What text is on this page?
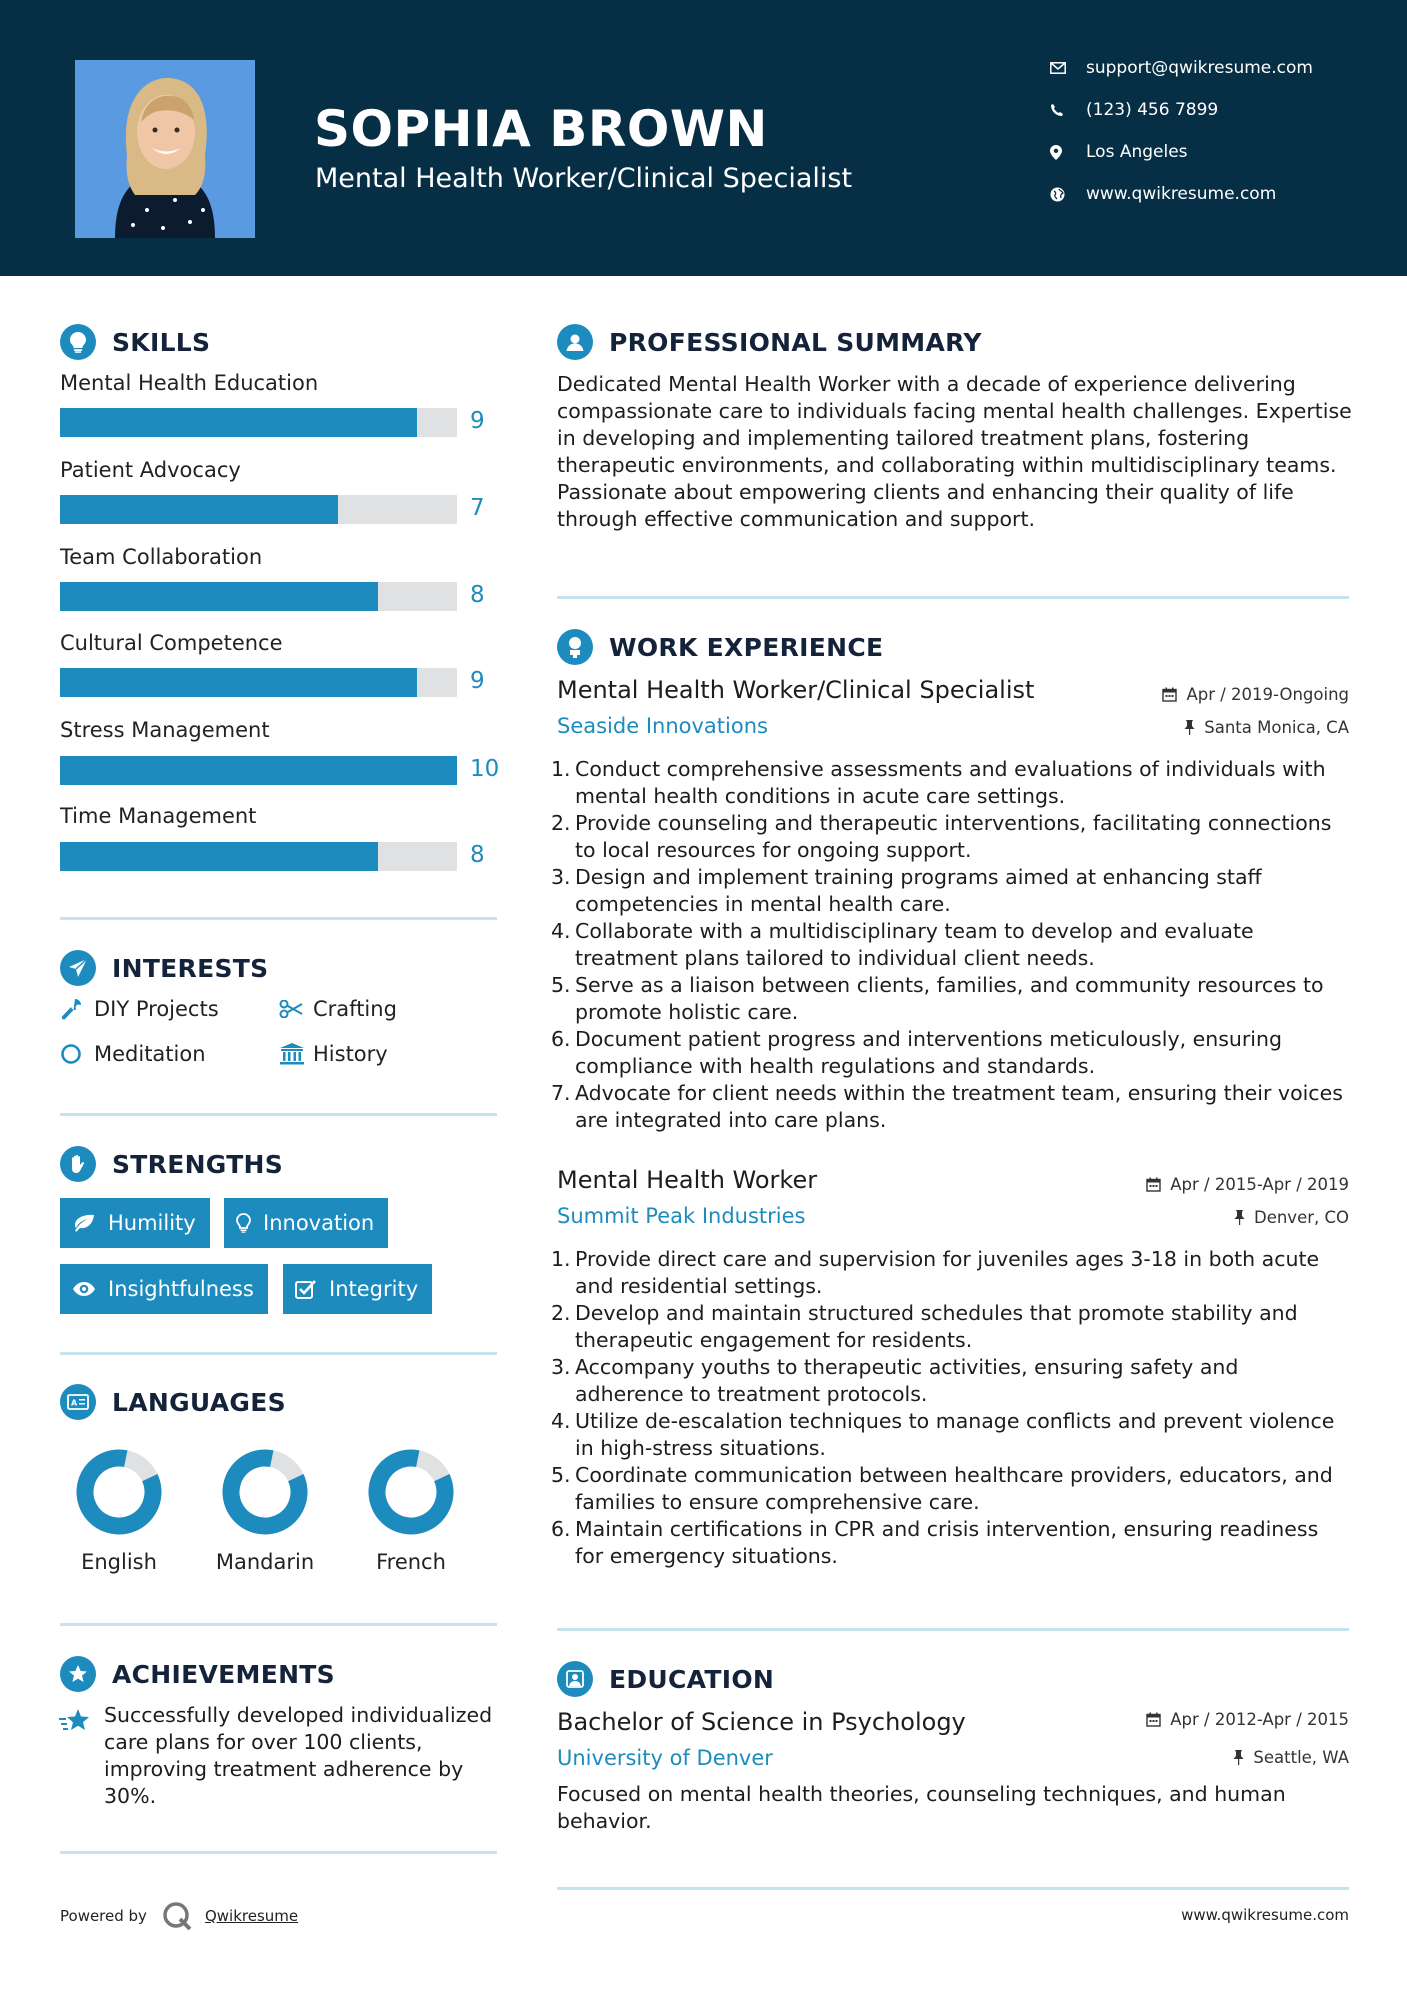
SOPHIA BROWN
Mental Health Worker/Clinical Specialist
support@qwikresume.com
(123) 456 7899
Los Angeles
www.qwikresume.com
SKILLS
Mental Health Education
9
Patient Advocacy
7
Team Collaboration
8
Cultural Competence
9
Stress Management
10
Time Management
8
INTERESTS
DIY Projects	Crafting
Meditation	History
STRENGTHS
Humility	Innovation
Insightfulness	Integrity
A LANGUAGES
English	Mandarin	French
ACHIEVEMENTS
Successfully developed individualized care plans for over 100 clients, improving treatment adherence by 30%.
Powered by	Qwikresume
PROFESSIONAL SUMMARY
Dedicated Mental Health Worker with a decade of experience delivering compassionate care to individuals facing mental health challenges. Expertise in developing and implementing tailored treatment plans, fostering therapeutic environments, and collaborating within multidisciplinary teams. Passionate about empowering clients and enhancing their quality of life through effective communication and support.
WORK EXPERIENCE
Mental Health Worker/Clinical Specialist	Apr / 2019-Ongoing
Seaside Innovations	Santa Monica, CA
1. Conduct comprehensive assessments and evaluations of individuals with mental health conditions in acute care settings.
2. Provide counseling and therapeutic interventions, facilitating connections to local resources for ongoing support.
3. Design and implement training programs aimed at enhancing staff competencies in mental health care.
4. Collaborate with a multidisciplinary team to develop and evaluate treatment plans tailored to individual client needs.
5. Serve as a liaison between clients, families, and community resources to promote holistic care.
6. Document patient progress and interventions meticulously, ensuring compliance with health regulations and standards.
7. Advocate for client needs within the treatment team, ensuring their voices are integrated into care plans.
Mental Health Worker	Apr / 2015-Apr / 2019
Summit Peak Industries	Denver, CO
1. Provide direct care and supervision for juveniles ages 3-18 in both acute and residential settings.
2. Develop and maintain structured schedules that promote stability and therapeutic engagement for residents.
3. Accompany youths to therapeutic activities, ensuring safety and adherence to treatment protocols.
4. Utilize de-escalation techniques to manage conflicts and prevent violence in high-stress situations.
5. Coordinate communication between healthcare providers, educators, and families to ensure comprehensive care.
6. Maintain certifications in CPR and crisis intervention, ensuring readiness for emergency situations.
EDUCATION
Bachelor of Science in Psychology	Apr / 2012-Apr / 2015
University of Denver	Seattle, WA
Focused on mental health theories, counseling techniques, and human behavior.
www.qwikresume.com
